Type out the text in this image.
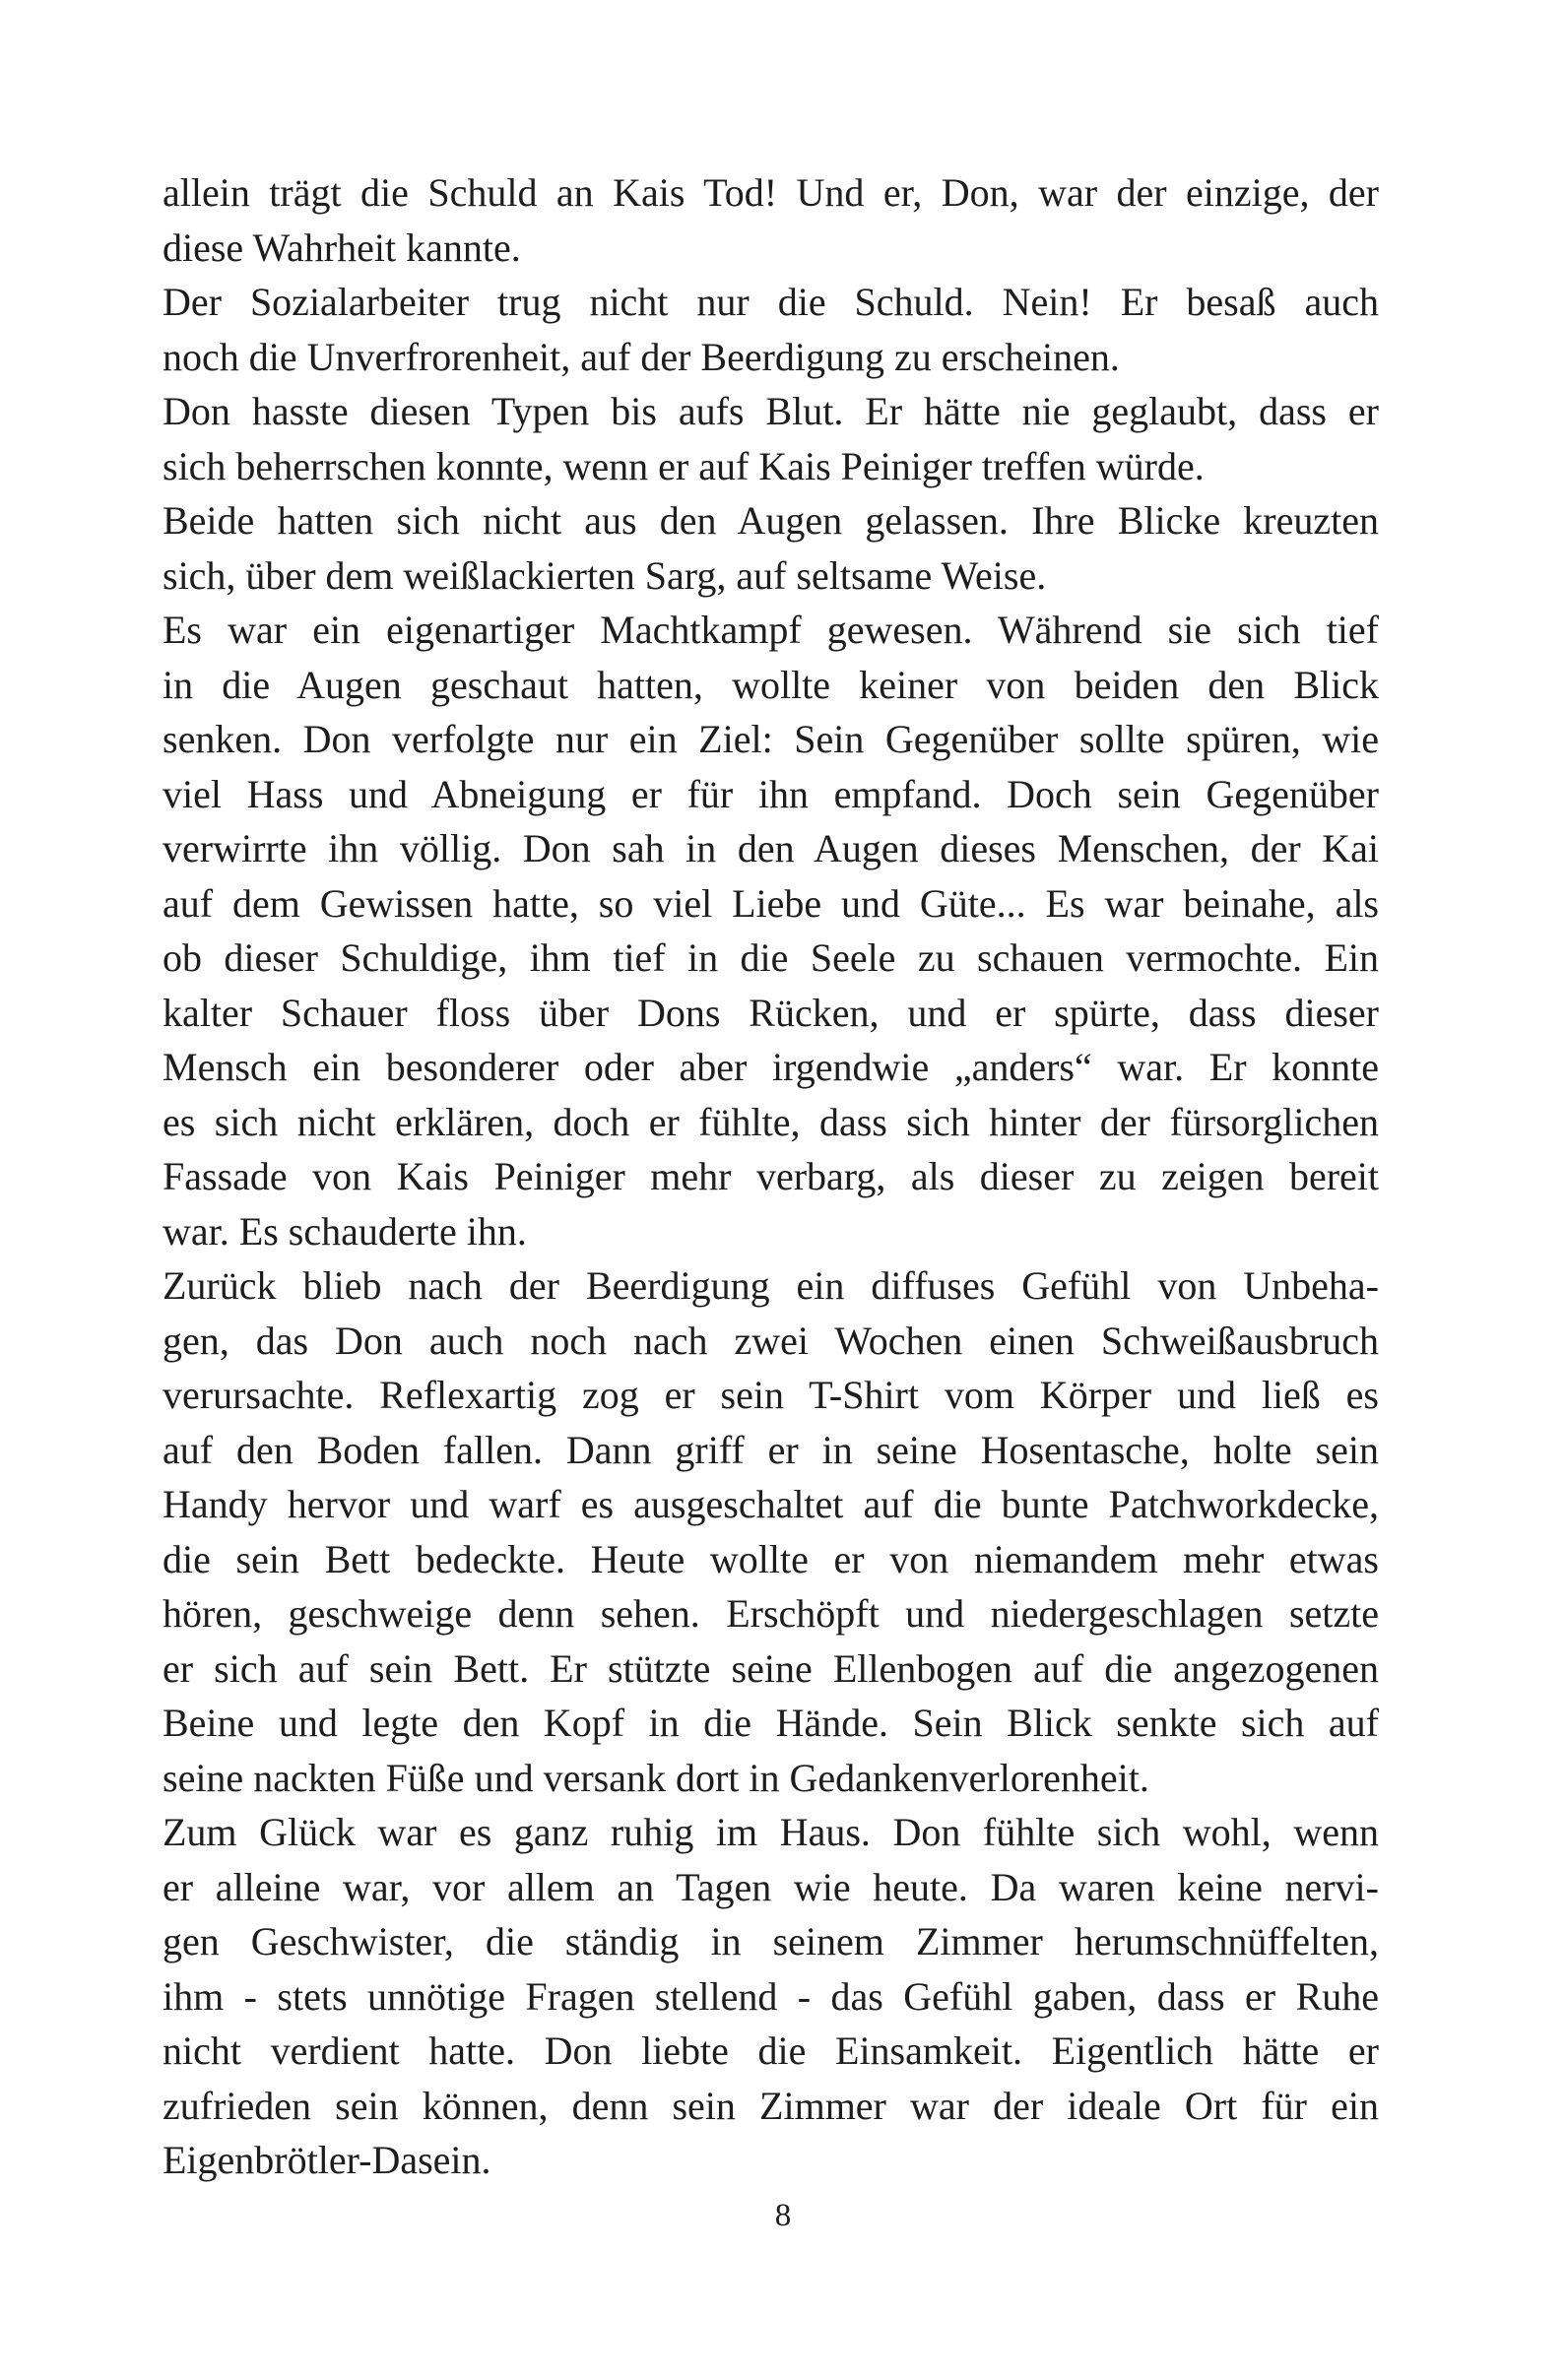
allein trägt die Schuld an Kais Tod! Und er, Don, war der einzige, der
diese Wahrheit kannte.
Der Sozialarbeiter trug nicht nur die Schuld. Nein! Er besaß auch
noch die Unverfrorenheit, auf der Beerdigung zu erscheinen.
Don hasste diesen Typen bis aufs Blut. Er hätte nie geglaubt, dass er
sich beherrschen konnte, wenn er auf Kais Peiniger treffen würde.
Beide hatten sich nicht aus den Augen gelassen. Ihre Blicke kreuzten
sich, über dem weißlackierten Sarg, auf seltsame Weise.
Es war ein eigenartiger Machtkampf gewesen. Während sie sich tief
in die Augen geschaut hatten, wollte keiner von beiden den Blick
senken. Don verfolgte nur ein Ziel: Sein Gegenüber sollte spüren, wie
viel Hass und Abneigung er für ihn empfand. Doch sein Gegenüber
verwirrte ihn völlig. Don sah in den Augen dieses Menschen, der Kai
auf dem Gewissen hatte, so viel Liebe und Güte... Es war beinahe, als
ob dieser Schuldige, ihm tief in die Seele zu schauen vermochte. Ein
kalter Schauer floss über Dons Rücken, und er spürte, dass dieser
Mensch ein besonderer oder aber irgendwie „anders“ war. Er konnte
es sich nicht erklären, doch er fühlte, dass sich hinter der fürsorglichen
Fassade von Kais Peiniger mehr verbarg, als dieser zu zeigen bereit
war. Es schauderte ihn.
Zurück blieb nach der Beerdigung ein diffuses Gefühl von Unbeha-
gen, das Don auch noch nach zwei Wochen einen Schweißausbruch
verursachte. Reflexartig zog er sein T-Shirt vom Körper und ließ es
auf den Boden fallen. Dann griff er in seine Hosentasche, holte sein
Handy hervor und warf es ausgeschaltet auf die bunte Patchworkdecke,
die sein Bett bedeckte. Heute wollte er von niemandem mehr etwas
hören, geschweige denn sehen. Erschöpft und niedergeschlagen setzte
er sich auf sein Bett. Er stützte seine Ellenbogen auf die angezogenen
Beine und legte den Kopf in die Hände. Sein Blick senkte sich auf
seine nackten Füße und versank dort in Gedankenverlorenheit.
Zum Glück war es ganz ruhig im Haus. Don fühlte sich wohl, wenn
er alleine war, vor allem an Tagen wie heute. Da waren keine nervi-
gen Geschwister, die ständig in seinem Zimmer herumschnüffelten,
ihm - stets unnötige Fragen stellend - das Gefühl gaben, dass er Ruhe
nicht verdient hatte. Don liebte die Einsamkeit. Eigentlich hätte er
zufrieden sein können, denn sein Zimmer war der ideale Ort für ein
Eigenbrötler-Dasein.
8
